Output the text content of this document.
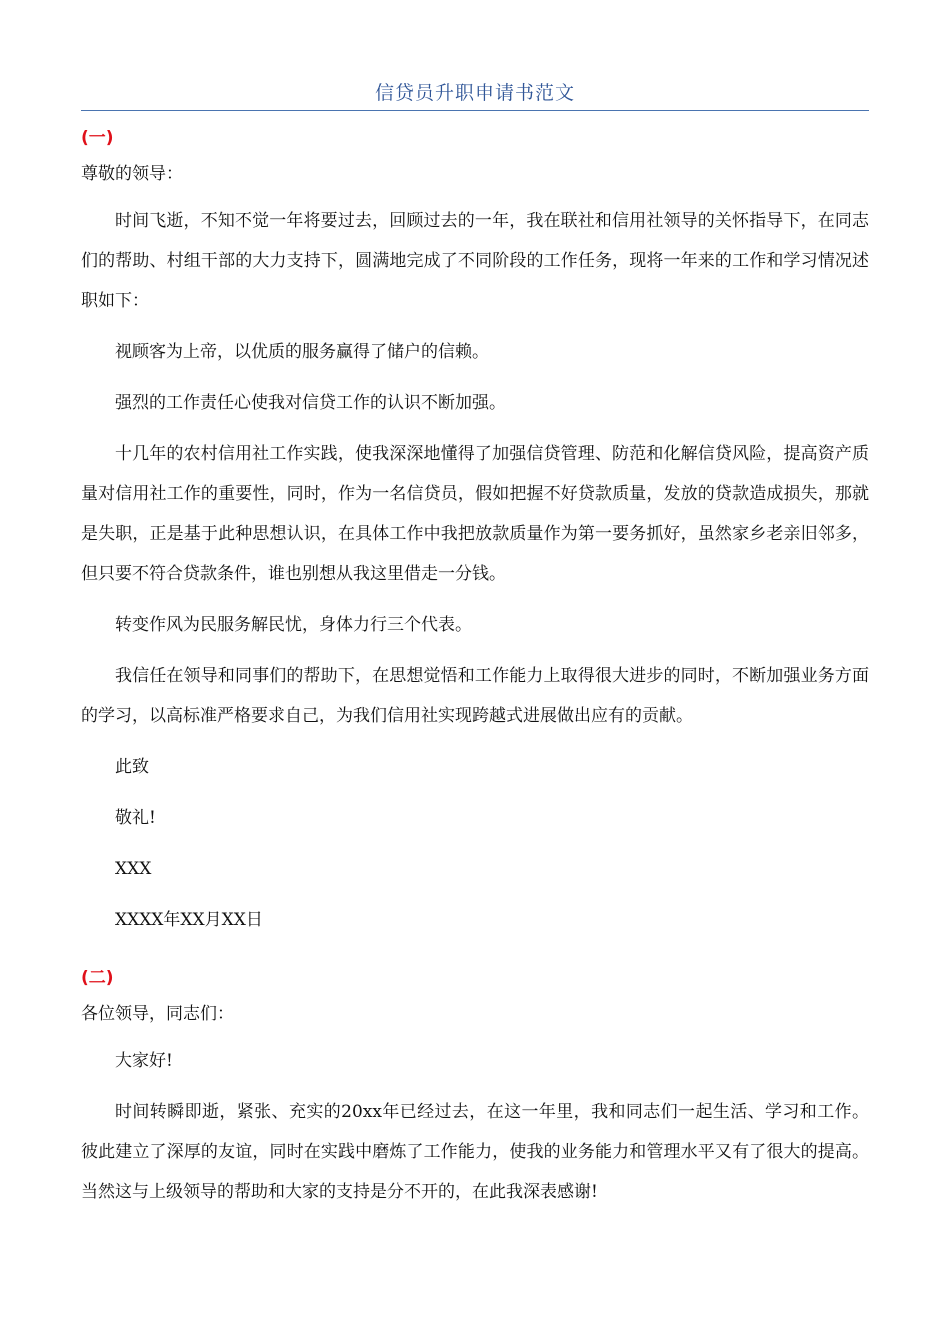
信贷员升职申请书范文

(一)

尊敬的领导：

时间飞逝，不知不觉一年将要过去，回顾过去的一年，我在联社和信用社领导的关怀指导下，在同志们的帮助、村组干部的大力支持下，圆满地完成了不同阶段的工作任务，现将一年来的工作和学习情况述职如下：

视顾客为上帝，以优质的服务赢得了储户的信赖。

强烈的工作责任心使我对信贷工作的认识不断加强。

十几年的农村信用社工作实践，使我深深地懂得了加强信贷管理、防范和化解信贷风险，提高资产质量对信用社工作的重要性，同时，作为一名信贷员，假如把握不好贷款质量，发放的贷款造成损失，那就是失职，正是基于此种思想认识，在具体工作中我把放款质量作为第一要务抓好，虽然家乡老亲旧邻多，但只要不符合贷款条件，谁也别想从我这里借走一分钱。

转变作风为民服务解民忧，身体力行三个代表。

我信任在领导和同事们的帮助下，在思想觉悟和工作能力上取得很大进步的同时，不断加强业务方面的学习，以高标准严格要求自己，为我们信用社实现跨越式进展做出应有的贡献。

此致

敬礼!

XXX

XXXX年XX月XX日

(二)

各位领导，同志们：

大家好!

时间转瞬即逝，紧张、充实的20xx年已经过去，在这一年里，我和同志们一起生活、学习和工作。彼此建立了深厚的友谊，同时在实践中磨炼了工作能力，使我的业务能力和管理水平又有了很大的提高。当然这与上级领导的帮助和大家的支持是分不开的，在此我深表感谢!
